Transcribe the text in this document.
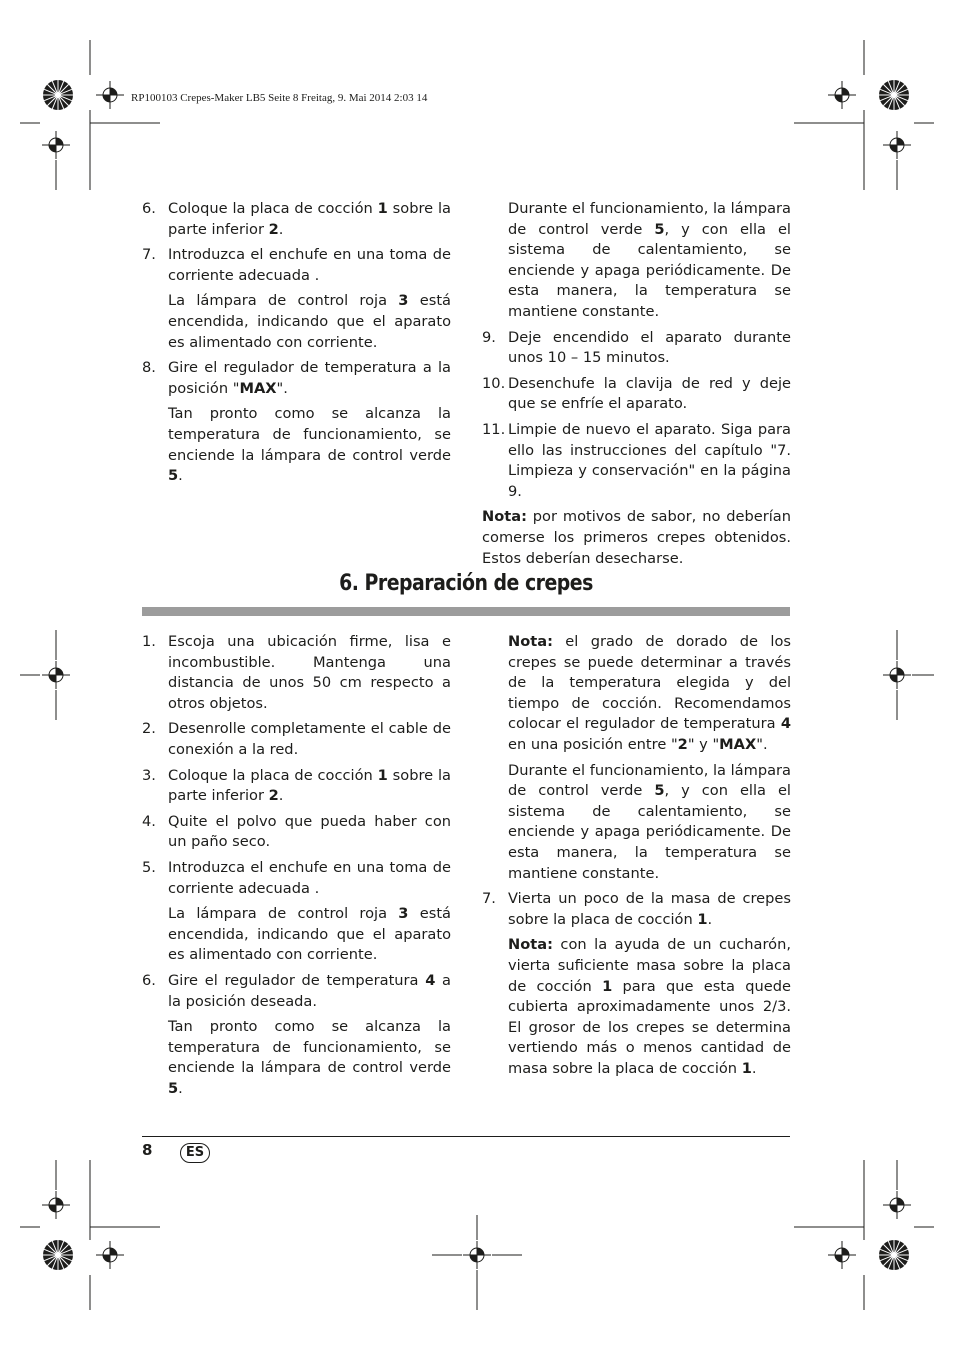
RP100103 Crepes-Maker LB5 Seite 8 Freitag, 9. Mai 2014 2:03 14
6. Coloque la placa de cocción 1 sobre la parte inferior 2.
7. Introduzca el enchufe en una toma de corriente adecuada .
La lámpara de control roja 3 está encendida, indicando que el aparato es alimentado con corriente.
8. Gire el regulador de temperatura a la posición "MAX".
Tan pronto como se alcanza la temperatura de funcionamiento, se enciende la lámpara de control verde 5.
Durante el funcionamiento, la lámpara de control verde 5, y con ella el sistema de calentamiento, se enciende y apaga periódicamente. De esta manera, la temperatura se mantiene constante.
9. Deje encendido el aparato durante unos 10 – 15 minutos.
10. Desenchufe la clavija de red y deje que se enfríe el aparato.
11. Limpie de nuevo el aparato. Siga para ello las instrucciones del capítulo "7. Limpieza y conservación" en la página 9.
Nota: por motivos de sabor, no deberían comerse los primeros crepes obtenidos. Estos deberían desecharse.
6. Preparación de crepes
1. Escoja una ubicación firme, lisa e incombustible. Mantenga una distancia de unos 50 cm respecto a otros objetos.
2. Desenrolle completamente el cable de conexión a la red.
3. Coloque la placa de cocción 1 sobre la parte inferior 2.
4. Quite el polvo que pueda haber con un paño seco.
5. Introduzca el enchufe en una toma de corriente adecuada .
La lámpara de control roja 3 está encendida, indicando que el aparato es alimentado con corriente.
6. Gire el regulador de temperatura 4 a la posición deseada.
Tan pronto como se alcanza la temperatura de funcionamiento, se enciende la lámpara de control verde 5.
Nota: el grado de dorado de los crepes se puede determinar a través de la temperatura elegida y del tiempo de cocción. Recomendamos colocar el regulador de temperatura 4 en una posición entre "2" y "MAX".
Durante el funcionamiento, la lámpara de control verde 5, y con ella el sistema de calentamiento, se enciende y apaga periódicamente. De esta manera, la temperatura se mantiene constante.
7. Vierta un poco de la masa de crepes sobre la placa de cocción 1.
Nota: con la ayuda de un cucharón, vierta suficiente masa sobre la placa de cocción 1 para que esta quede cubierta aproximadamente unos 2/3. El grosor de los crepes se determina vertiendo más o menos cantidad de masa sobre la placa de cocción 1.
8	ES
